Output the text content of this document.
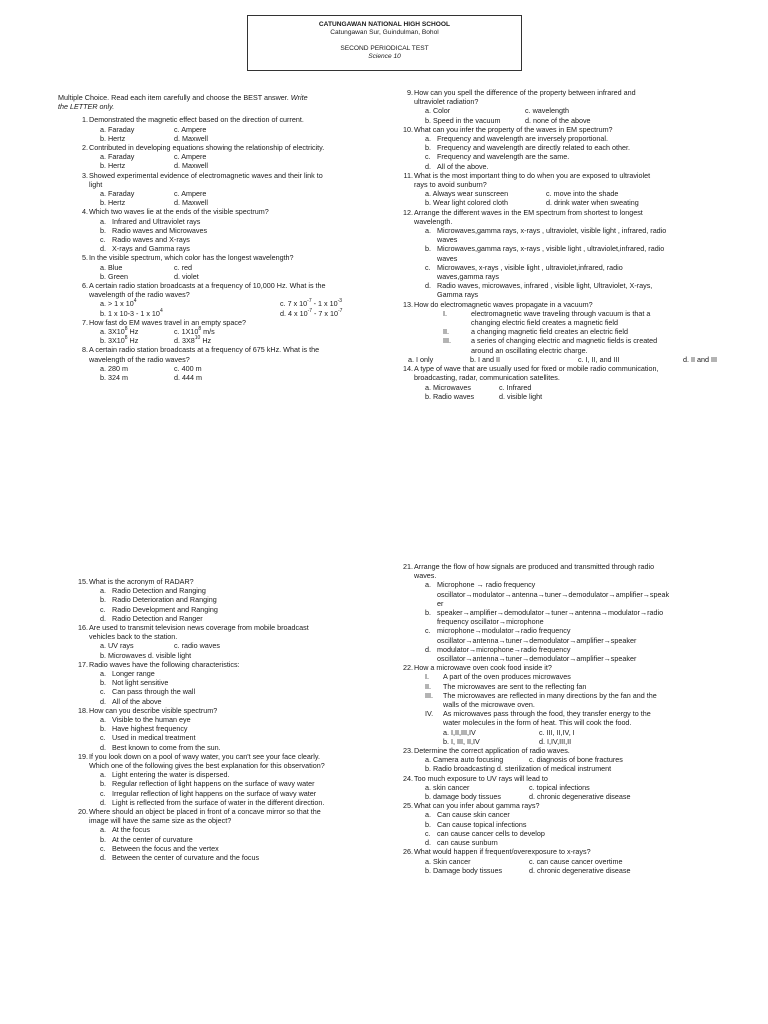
CATUNGAWAN NATIONAL HIGH SCHOOL
Catungawan Sur, Guindulman, Bohol
SECOND PERIODICAL TEST
Science 10
Multiple Choice. Read each item carefully and choose the BEST answer. Write
the LETTER only.
1. Demonstrated the magnetic effect based on the direction of current.
a. Faraday	c. Ampere
b. Hertz	d. Maxwell
2. Contributed in developing equations showing the relationship of electricity.
a. Faraday	c. Ampere
b. Hertz	d. Maxwell
3. Showed experimental evidence of electromagnetic waves and their link to
light
a. Faraday	c. Ampere
b. Hertz	d. Maxwell
4. Which two waves lie at the ends of the visible spectrum?
a. Infrared and Ultraviolet rays
b. Radio waves and Microwaves
c. Radio waves and X-rays
d. X-rays and Gamma rays
5. In the visible spectrum, which color has the longest wavelength?
a. Blue	c. red
b. Green	d. violet
6. A certain radio station broadcasts at a frequency of 10,000 Hz. What is the
wavelength of the radio waves?
a. > 1 x $10^4$	c. 7 x $10^{-7} - 1$ x $10^{-3}$
b. 1 x 10-3 - 1 x $10^4$	d. 4 x $10^{-7} - 7$ x $10^{-7}$
7. How fast do EM waves travel in an empty space?
a. $3X10^8$ Hz	c. $1X10^8$ m/s
b. $3X10^8$ Hz	d. $3X8^{10}$ Hz
8. A certain radio station broadcasts at a frequency of 675 kHz. What is the
wavelength of the radio waves?
a. 280 m	c. 400 m
b. 324 m	d. 444 m
9. How can you spell the difference of the property between infrared and
ultraviolet radiation?
a. Color	c. wavelength
b. Speed in the vacuum	d. none of the above
10. What can you infer the property of the waves in EM spectrum?
a. Frequency and wavelength are inversely proportional.
b. Frequency and wavelength are directly related to each other.
c. Frequency and wavelength are the same.
d. All of the above.
11. What is the most important thing to do when you are exposed to ultraviolet
rays to avoid sunburn?
a. Always wear sunscreen	c. move into the shade
b. Wear light colored cloth	d. drink water when sweating
12. Arrange the different waves in the EM spectrum from shortest to longest
wavelength.
a. Microwaves,gamma rays, x-rays , ultraviolet, visible light , infrared, radio
waves
b. Microwaves,gamma rays, x-rays , visible light , ultraviolet,infrared, radio
waves
c. Microwaves, x-rays , visible light , ultraviolet,infrared, radio
waves,gamma rays
d. Radio waves, microwaves, infrared , visible light, Ultraviolet, X-rays,
Gamma rays
13. How do electromagnetic waves propagate in a vacuum?
I.	electromagnetic wave traveling through vacuum is that a
changing electric field creates a magnetic field
II.	a changing magnetic field creates an electric field
III.	a series of changing electric and magnetic fields is created
around an oscillating electric charge.
a. I only	b. I and II	c. I, II, and III	d. II and III
14. A type of wave that are usually used for fixed or mobile radio communication,
broadcasting, radar, communication satellites.
a. Microwaves	c. Infrared
b. Radio waves	d. visible light
15. What is the acronym of RADAR?
a. Radio Detection and Ranging
b. Radio Deterioration and Ranging
c. Radio Development and Ranging
d. Radio Detection and Ranger
16. Are used to transmit television news coverage from mobile broadcast
vehicles back to the station.
a. UV rays	c. radio waves
b. Microwaves d. visible light
17. Radio waves have the following characteristics:
a. Longer range
b. Not light sensitive
c. Can pass through the wall
d. All of the above
18. How can you describe visible spectrum?
a. Visible to the human eye
b. Have highest frequency
c. Used in medical treatment
d. Best known to come from the sun.
19. If you look down on a pool of wavy water, you can't see your face clearly.
Which one of the following gives the best explanation for this observation?
a. Light entering the water is dispersed.
b. Regular reflection of light happens on the surface of wavy water
c. Irregular reflection of light happens on the surface of wavy water
d. Light is reflected from the surface of water in the different direction.
20. Where should an object be placed in front of a concave mirror so that the
image will have the same size as the object?
a. At the focus
b. At the center of curvature
c. Between the focus and the vertex
d. Between the center of curvature and the focus
21. Arrange the flow of how signals are produced and transmitted through radio
waves.
a. Microphone → radio frequency
oscillator→modulator→antenna→tuner→demodulator→amplifier→speak
er
b. speaker→amplifier→demodulator→tuner→antenna→modulator→radio
frequency oscillator→microphone
c. microphone→modulator→radio frequency
oscillator→antenna→tuner→demodulator→amplifier→speaker
d. modulator→microphone→radio frequency
oscillator→antenna→tuner→demodulator→amplifier→speaker
22. How a microwave oven cook food inside it?
I.	A part of the oven produces microwaves
II.	The microwaves are sent to the reflecting fan
III.	The microwaves are reflected in many directions by the fan and the
walls of the microwave oven.
IV.	As microwaves pass through the food, they transfer energy to the
water molecules in the form of heat. This will cook the food.
a. I,II,III,IV	c. III, II,IV, I
b. I, III, II,IV	d. I,IV,III,II
23. Determine the correct application of radio waves.
a. Camera auto focusing	c. diagnosis of bone fractures
b. Radio broadcasting d. sterilization of medical instrument
24. Too much exposure to UV rays will lead to
a. skin cancer	c. topical infections
b. damage body tissues	d. chronic degenerative disease
25. What can you infer about gamma rays?
a. Can cause skin cancer
b. Can cause topical infections
c. can cause cancer cells to develop
d. can cause sunburn
26. What would happen if frequent/overexposure to x-rays?
a. Skin cancer	c. can cause cancer overtime
b. Damage body tissues	d. chronic degenerative disease
